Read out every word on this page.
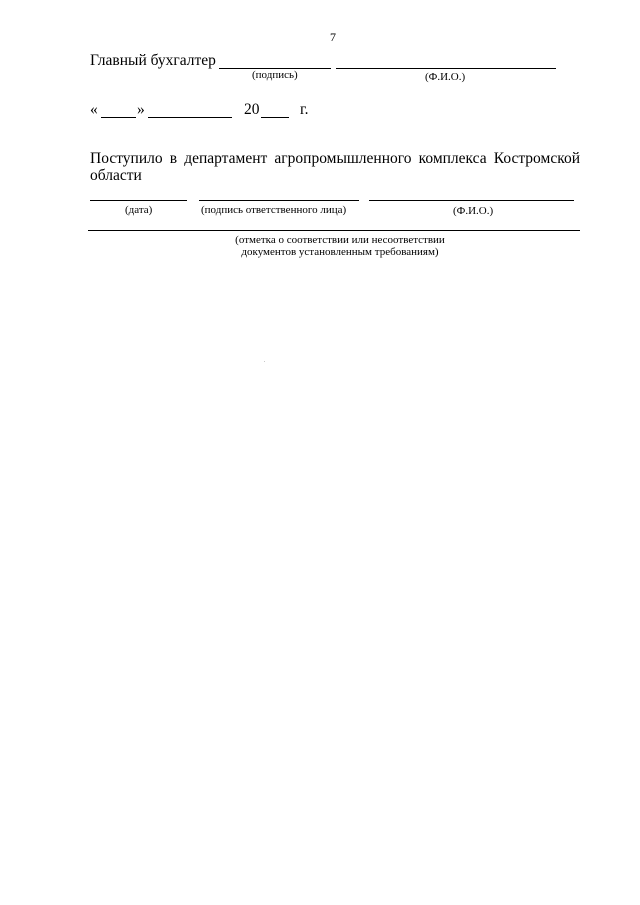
7
Главный бухгалтер
(подпись)	(Ф.И.О.)
«	»	20	г.
Поступило в департамент агропромышленного комплекса Костромской
области
(дата)	(подпись ответственного лица)	(Ф.И.О.)
(отметка о соответствии или несоответствии
документов установленным требованиям)
